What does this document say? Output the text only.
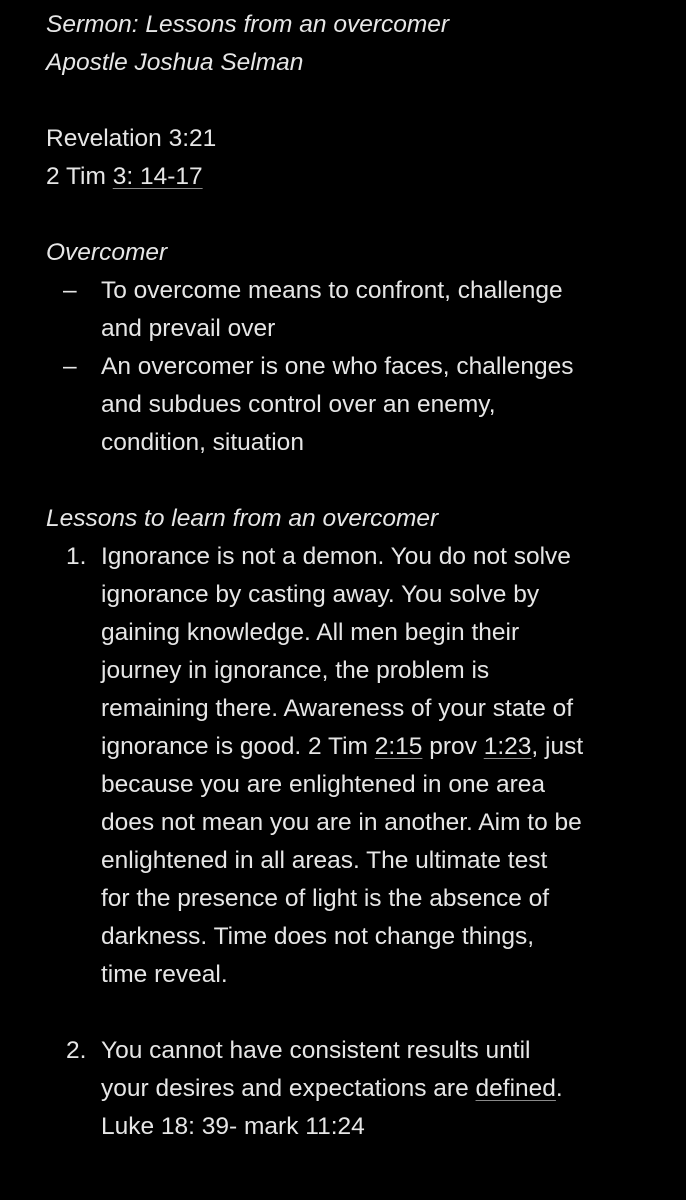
Sermon: Lessons from an overcomer
Apostle Joshua Selman
Revelation 3:21
2 Tim 3: 14-17
Overcomer
– To overcome means to confront, challenge
and prevail over
– An overcomer is one who faces, challenges
and subdues control over an enemy,
condition, situation
Lessons to learn from an overcomer
1. Ignorance is not a demon. You do not solve
ignorance by casting away. You solve by
gaining knowledge. All men begin their
journey in ignorance, the problem is
remaining there. Awareness of your state of
ignorance is good. 2 Tim 2:15 prov 1:23, just
because you are enlightened in one area
does not mean you are in another. Aim to be
enlightened in all areas. The ultimate test
for the presence of light is the absence of
darkness. Time does not change things,
time reveal.
2. You cannot have consistent results until
your desires and expectations are defined.
Luke 18: 39- mark 11:24
